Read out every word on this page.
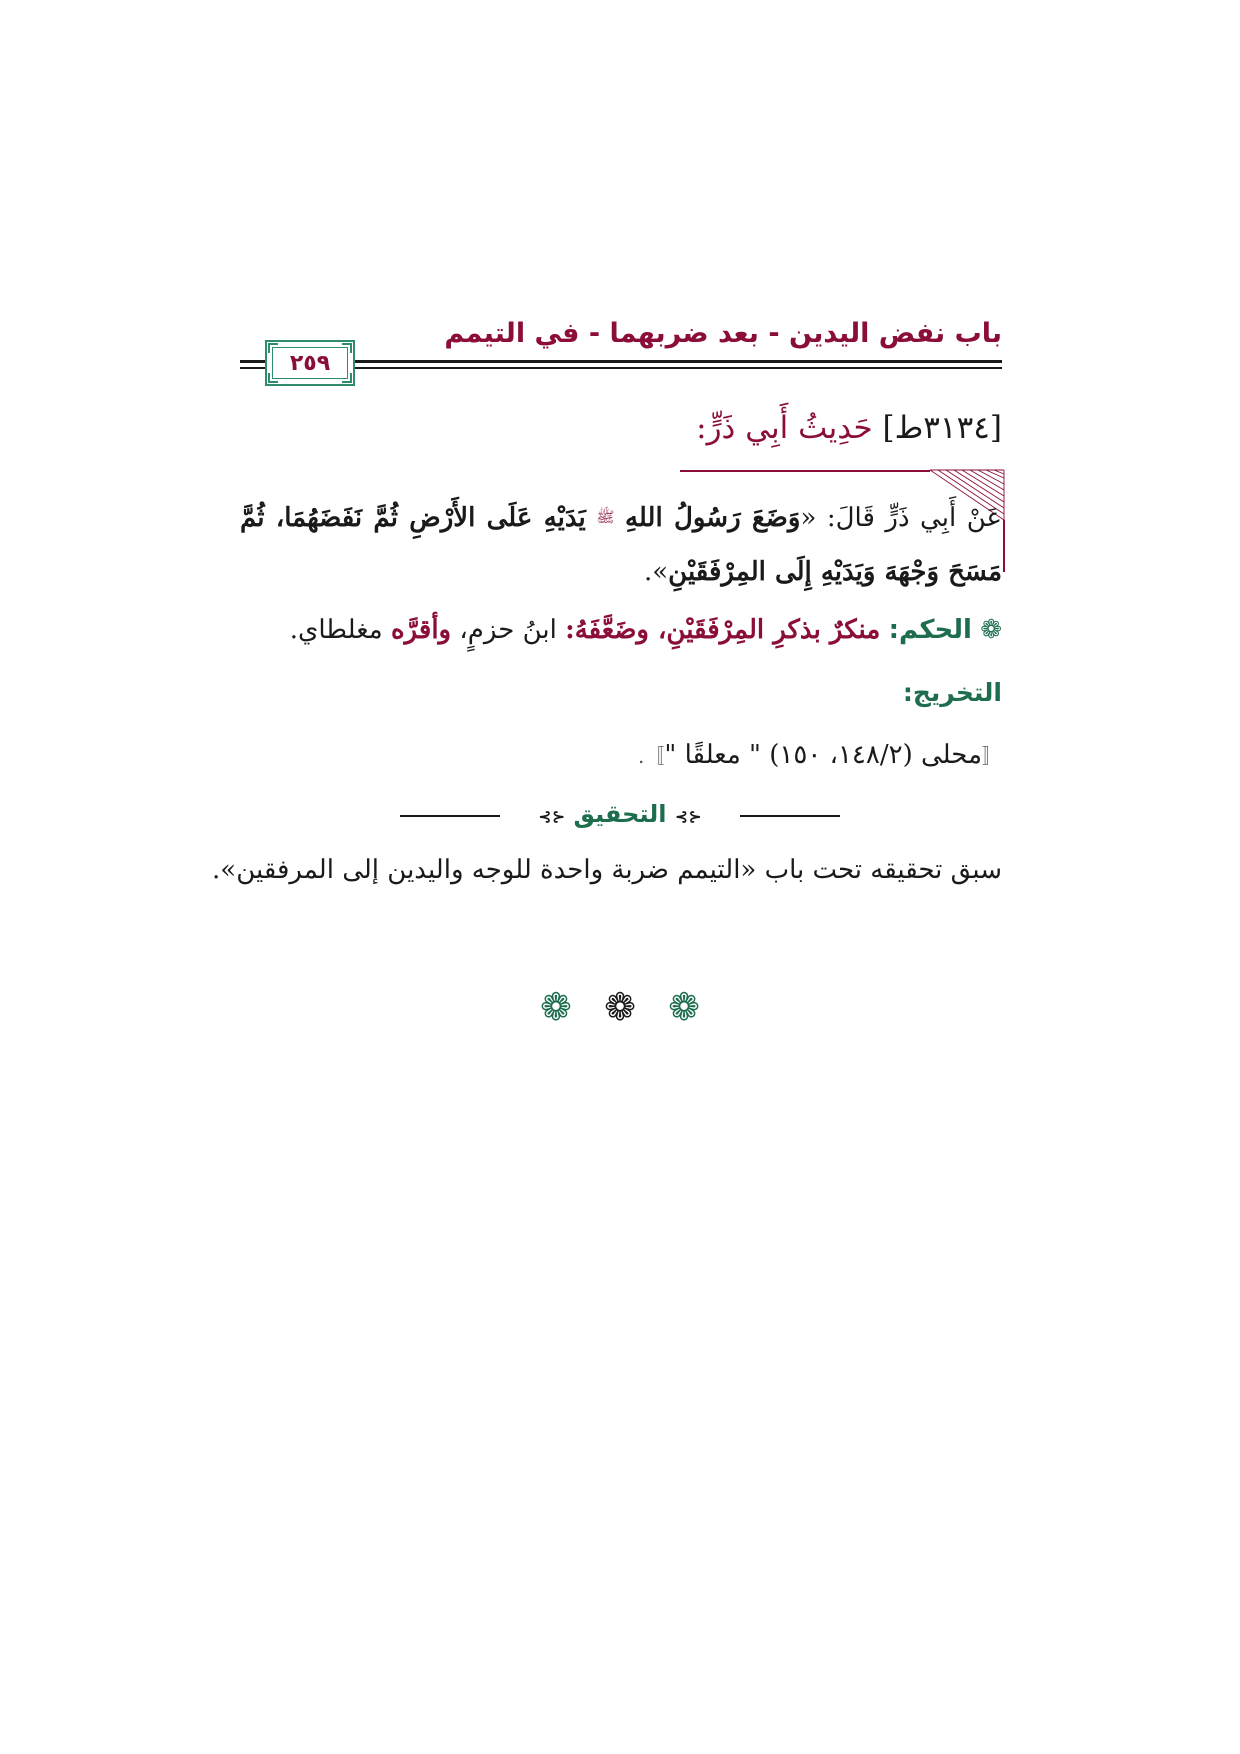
باب نفض اليدين - بعد ضربهما - في التيمم
٢٥٩
[٣١٣٤ط] حَدِيثُ أَبِي ذَرٍّ:
عَنْ أَبِي ذَرٍّ قَالَ: «وَضَعَ رَسُولُ اللهِ ﷺ يَدَيْهِ عَلَى الأَرْضِ ثُمَّ نَفَضَهُمَا، ثُمَّ مَسَحَ وَجْهَهَ وَيَدَيْهِ إِلَى المِرْفَقَيْنِ».
❁ الحكم: منكرٌ بذكرِ المِرْفَقَيْنِ، وضَعَّفَهُ: ابنُ حزمٍ، وأقرَّه مغلطاي.
التخريج:
〚محلى (١٤٨/٢، ١٥٠) " معلقًا "〛.
⊰⊱ التحقيق ⊰⊱
سبق تحقيقه تحت باب «التيمم ضربة واحدة للوجه واليدين إلى المرفقين».
❁ ❁ ❁
